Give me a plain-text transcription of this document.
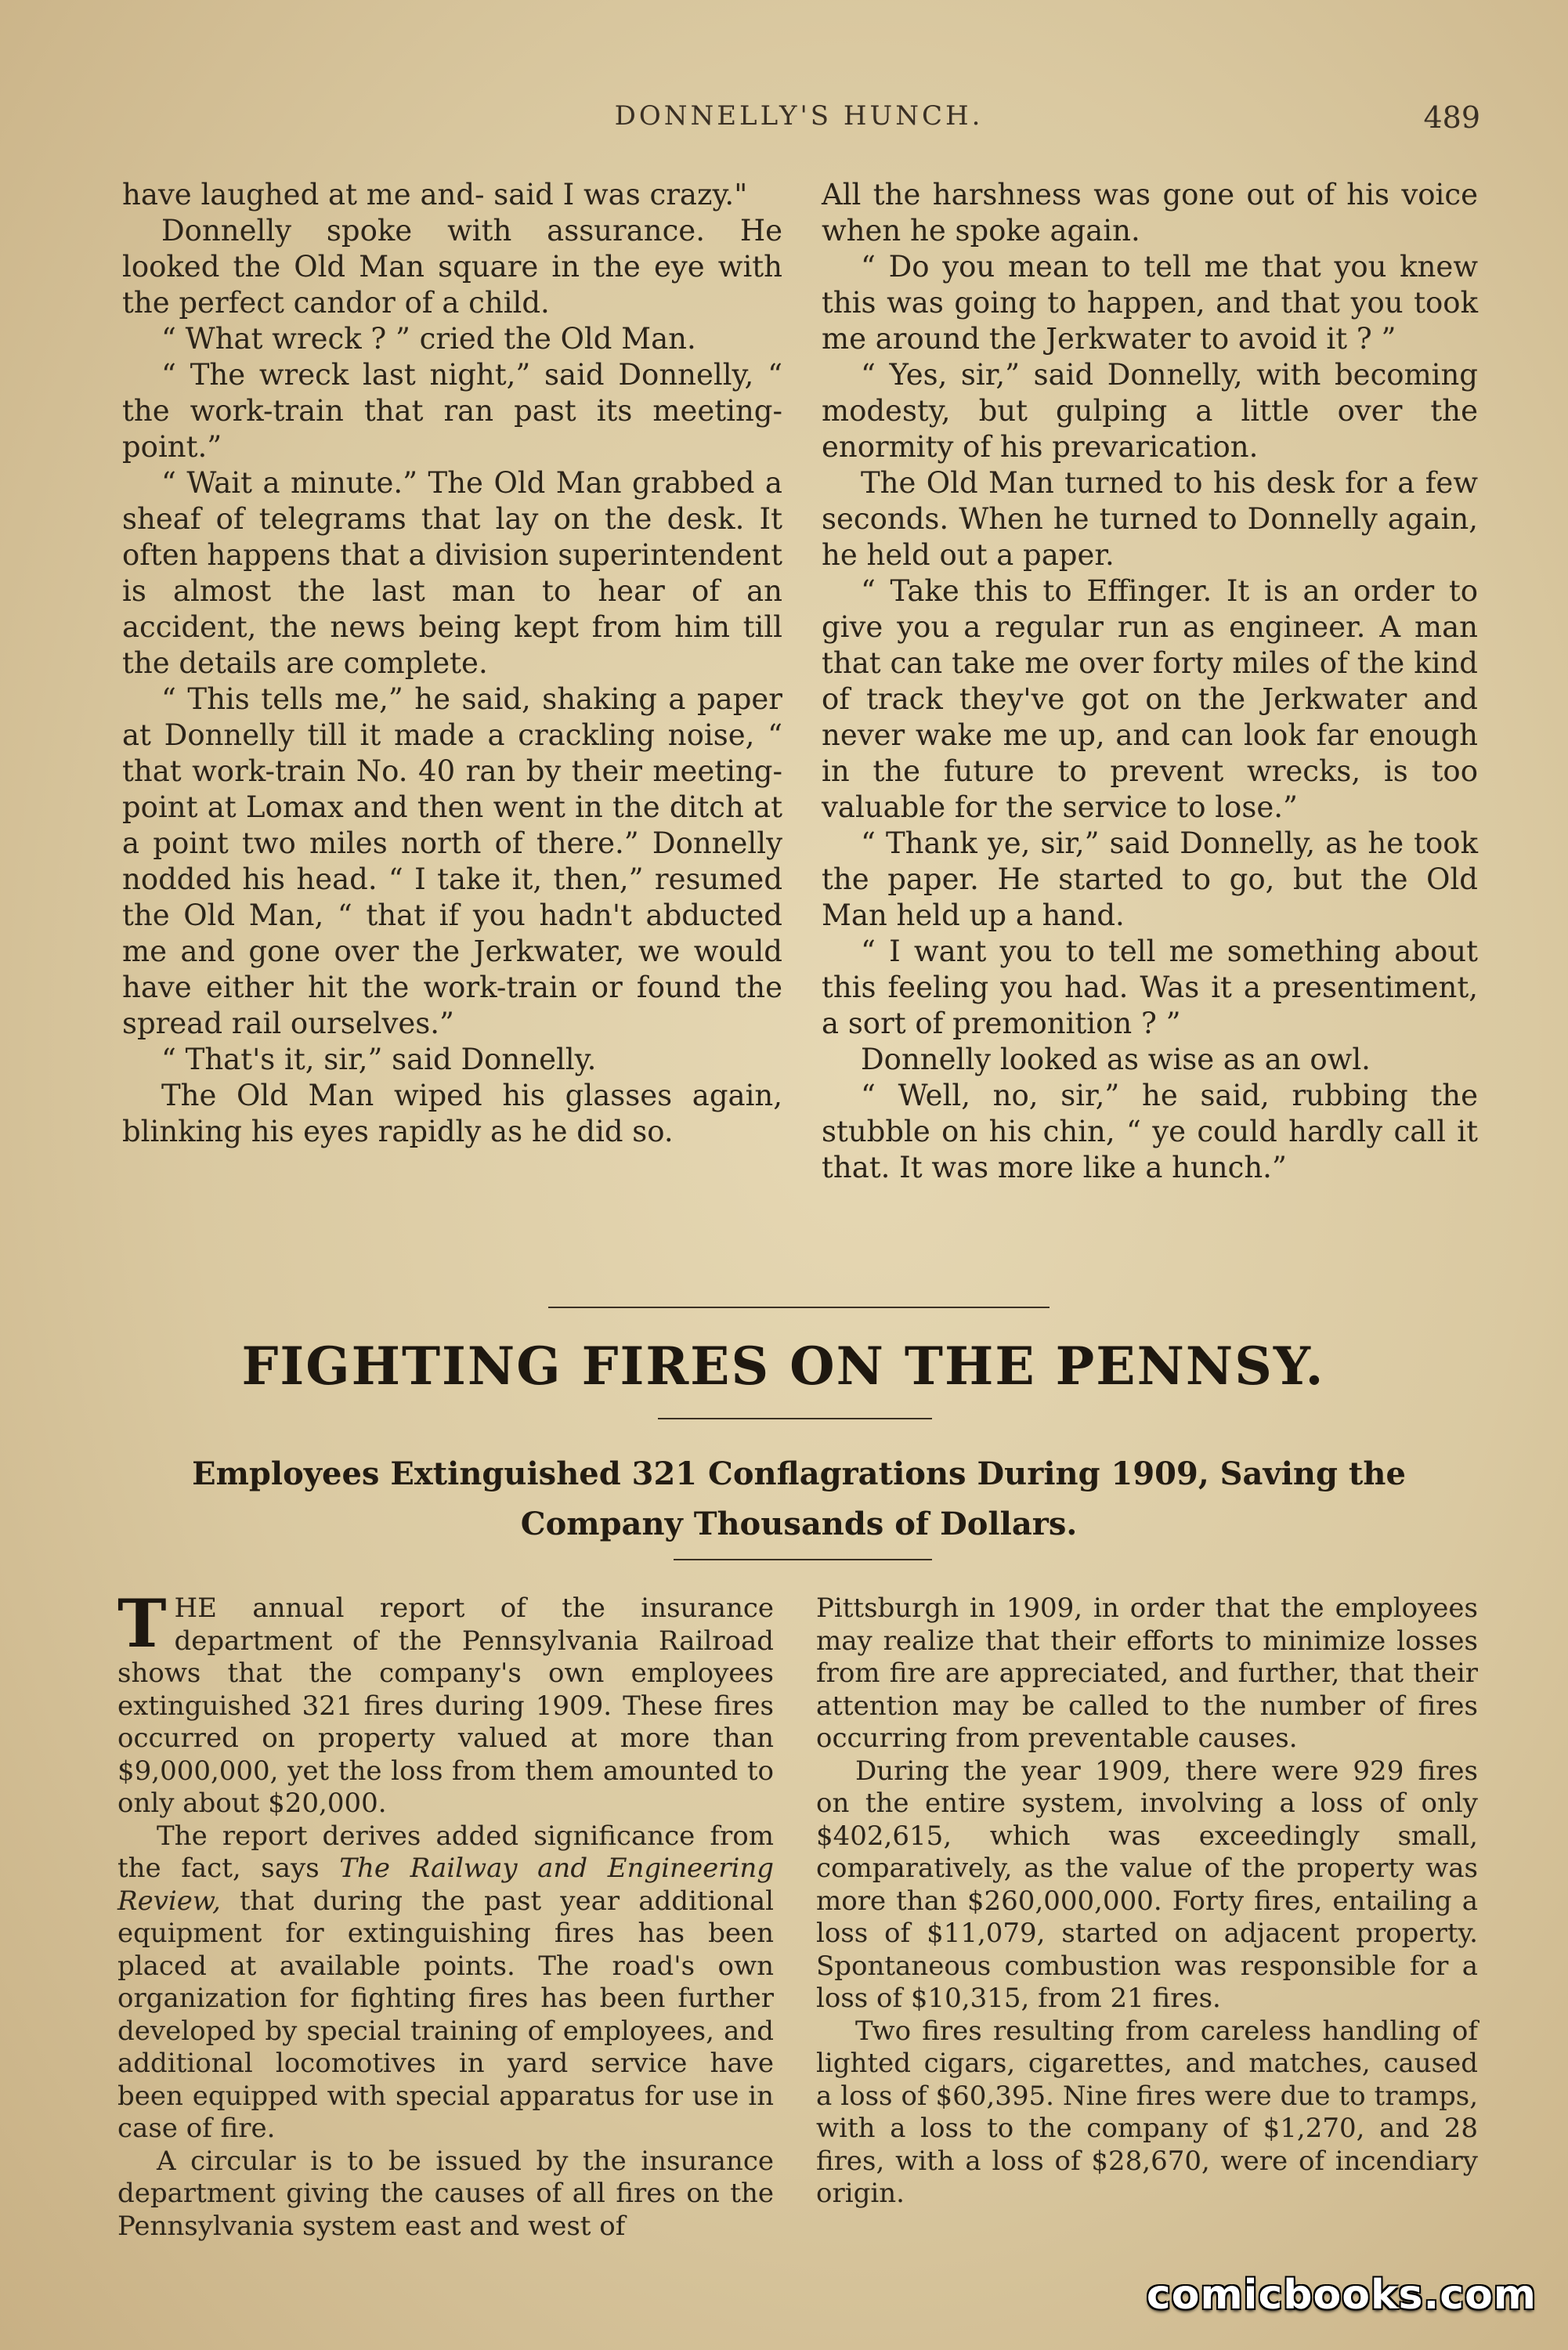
DONNELLY'S HUNCH.	489

have laughed at me and- said I was crazy."

Donnelly spoke with assurance. He looked the Old Man square in the eye with the perfect candor of a child.

“ What wreck ? ” cried the Old Man.

“ The wreck last night,” said Donnelly, “ the work-train that ran past its meeting-point.”

“ Wait a minute.” The Old Man grabbed a sheaf of telegrams that lay on the desk. It often happens that a division superintendent is almost the last man to hear of an accident, the news being kept from him till the details are complete.

“ This tells me,” he said, shaking a paper at Donnelly till it made a crackling noise, “ that work-train No. 40 ran by their meeting-point at Lomax and then went in the ditch at a point two miles north of there.” Donnelly nodded his head. “ I take it, then,” resumed the Old Man, “ that if you hadn't abducted me and gone over the Jerkwater, we would have either hit the work-train or found the spread rail ourselves.”

“ That's it, sir,” said Donnelly.

The Old Man wiped his glasses again, blinking his eyes rapidly as he did so.

All the harshness was gone out of his voice when he spoke again.

“ Do you mean to tell me that you knew this was going to happen, and that you took me around the Jerkwater to avoid it ? ”

“ Yes, sir,” said Donnelly, with becoming modesty, but gulping a little over the enormity of his prevarication.

The Old Man turned to his desk for a few seconds. When he turned to Donnelly again, he held out a paper.

“ Take this to Effinger. It is an order to give you a regular run as engineer. A man that can take me over forty miles of the kind of track they've got on the Jerkwater and never wake me up, and can look far enough in the future to prevent wrecks, is too valuable for the service to lose.”

“ Thank ye, sir,” said Donnelly, as he took the paper. He started to go, but the Old Man held up a hand.

“ I want you to tell me something about this feeling you had. Was it a presentiment, a sort of premonition ? ”

Donnelly looked as wise as an owl.

“ Well, no, sir,” he said, rubbing the stubble on his chin, “ ye could hardly call it that. It was more like a hunch.”

FIGHTING FIRES ON THE PENNSY.
Employees Extinguished 321 Conflagrations During 1909, Saving the Company Thousands of Dollars.

THE annual report of the insurance department of the Pennsylvania Railroad shows that the company's own employees extinguished 321 fires during 1909. These fires occurred on property valued at more than $9,000,000, yet the loss from them amounted to only about $20,000.

The report derives added significance from the fact, says The Railway and Engineering Review, that during the past year additional equipment for extinguishing fires has been placed at available points. The road's own organization for fighting fires has been further developed by special training of employees, and additional locomotives in yard service have been equipped with special apparatus for use in case of fire.

A circular is to be issued by the insurance department giving the causes of all fires on the Pennsylvania system east and west of

Pittsburgh in 1909, in order that the employees may realize that their efforts to minimize losses from fire are appreciated, and further, that their attention may be called to the number of fires occurring from preventable causes.

During the year 1909, there were 929 fires on the entire system, involving a loss of only $402,615, which was exceedingly small, comparatively, as the value of the property was more than $260,000,000. Forty fires, entailing a loss of $11,079, started on adjacent property. Spontaneous combustion was responsible for a loss of $10,315, from 21 fires.

Two fires resulting from careless handling of lighted cigars, cigarettes, and matches, caused a loss of $60,395. Nine fires were due to tramps, with a loss to the company of $1,270, and 28 fires, with a loss of $28,670, were of incendiary origin.

comicbooks.com
